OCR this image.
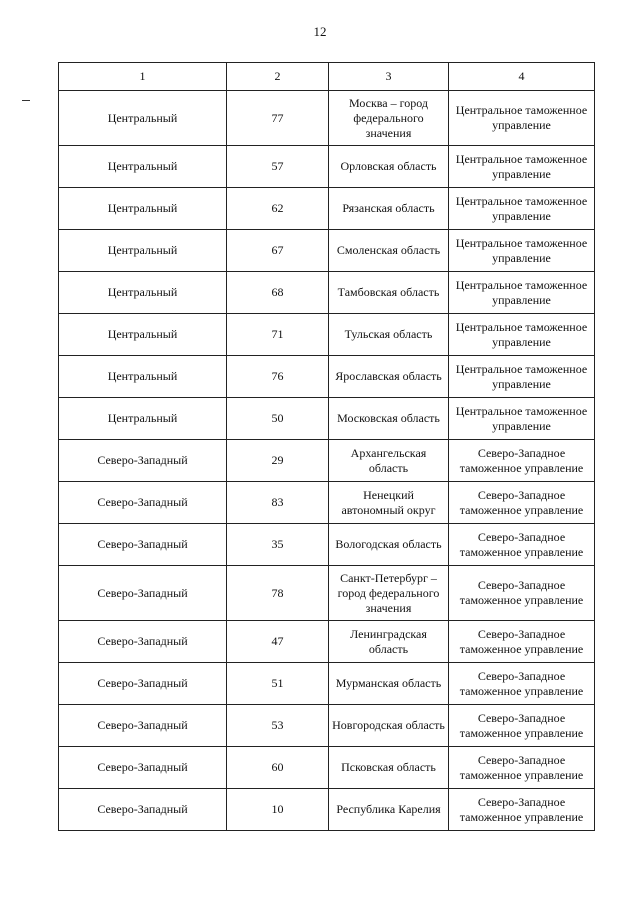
12
1	2	3	4
Центральный	77	Москва – город федерального значения	Центральное таможенное управление
Центральный	57	Орловская область	Центральное таможенное управление
Центральный	62	Рязанская область	Центральное таможенное управление
Центральный	67	Смоленская область	Центральное таможенное управление
Центральный	68	Тамбовская область	Центральное таможенное управление
Центральный	71	Тульская область	Центральное таможенное управление
Центральный	76	Ярославская область	Центральное таможенное управление
Центральный	50	Московская область	Центральное таможенное управление
Северо-Западный	29	Архангельская область	Северо-Западное таможенное управление
Северо-Западный	83	Ненецкий автономный округ	Северо-Западное таможенное управление
Северо-Западный	35	Вологодская область	Северо-Западное таможенное управление
Северо-Западный	78	Санкт-Петербург – город федерального значения	Северо-Западное таможенное управление
Северо-Западный	47	Ленинградская область	Северо-Западное таможенное управление
Северо-Западный	51	Мурманская область	Северо-Западное таможенное управление
Северо-Западный	53	Новгородская область	Северо-Западное таможенное управление
Северо-Западный	60	Псковская область	Северо-Западное таможенное управление
Северо-Западный	10	Республика Карелия	Северо-Западное таможенное управление
